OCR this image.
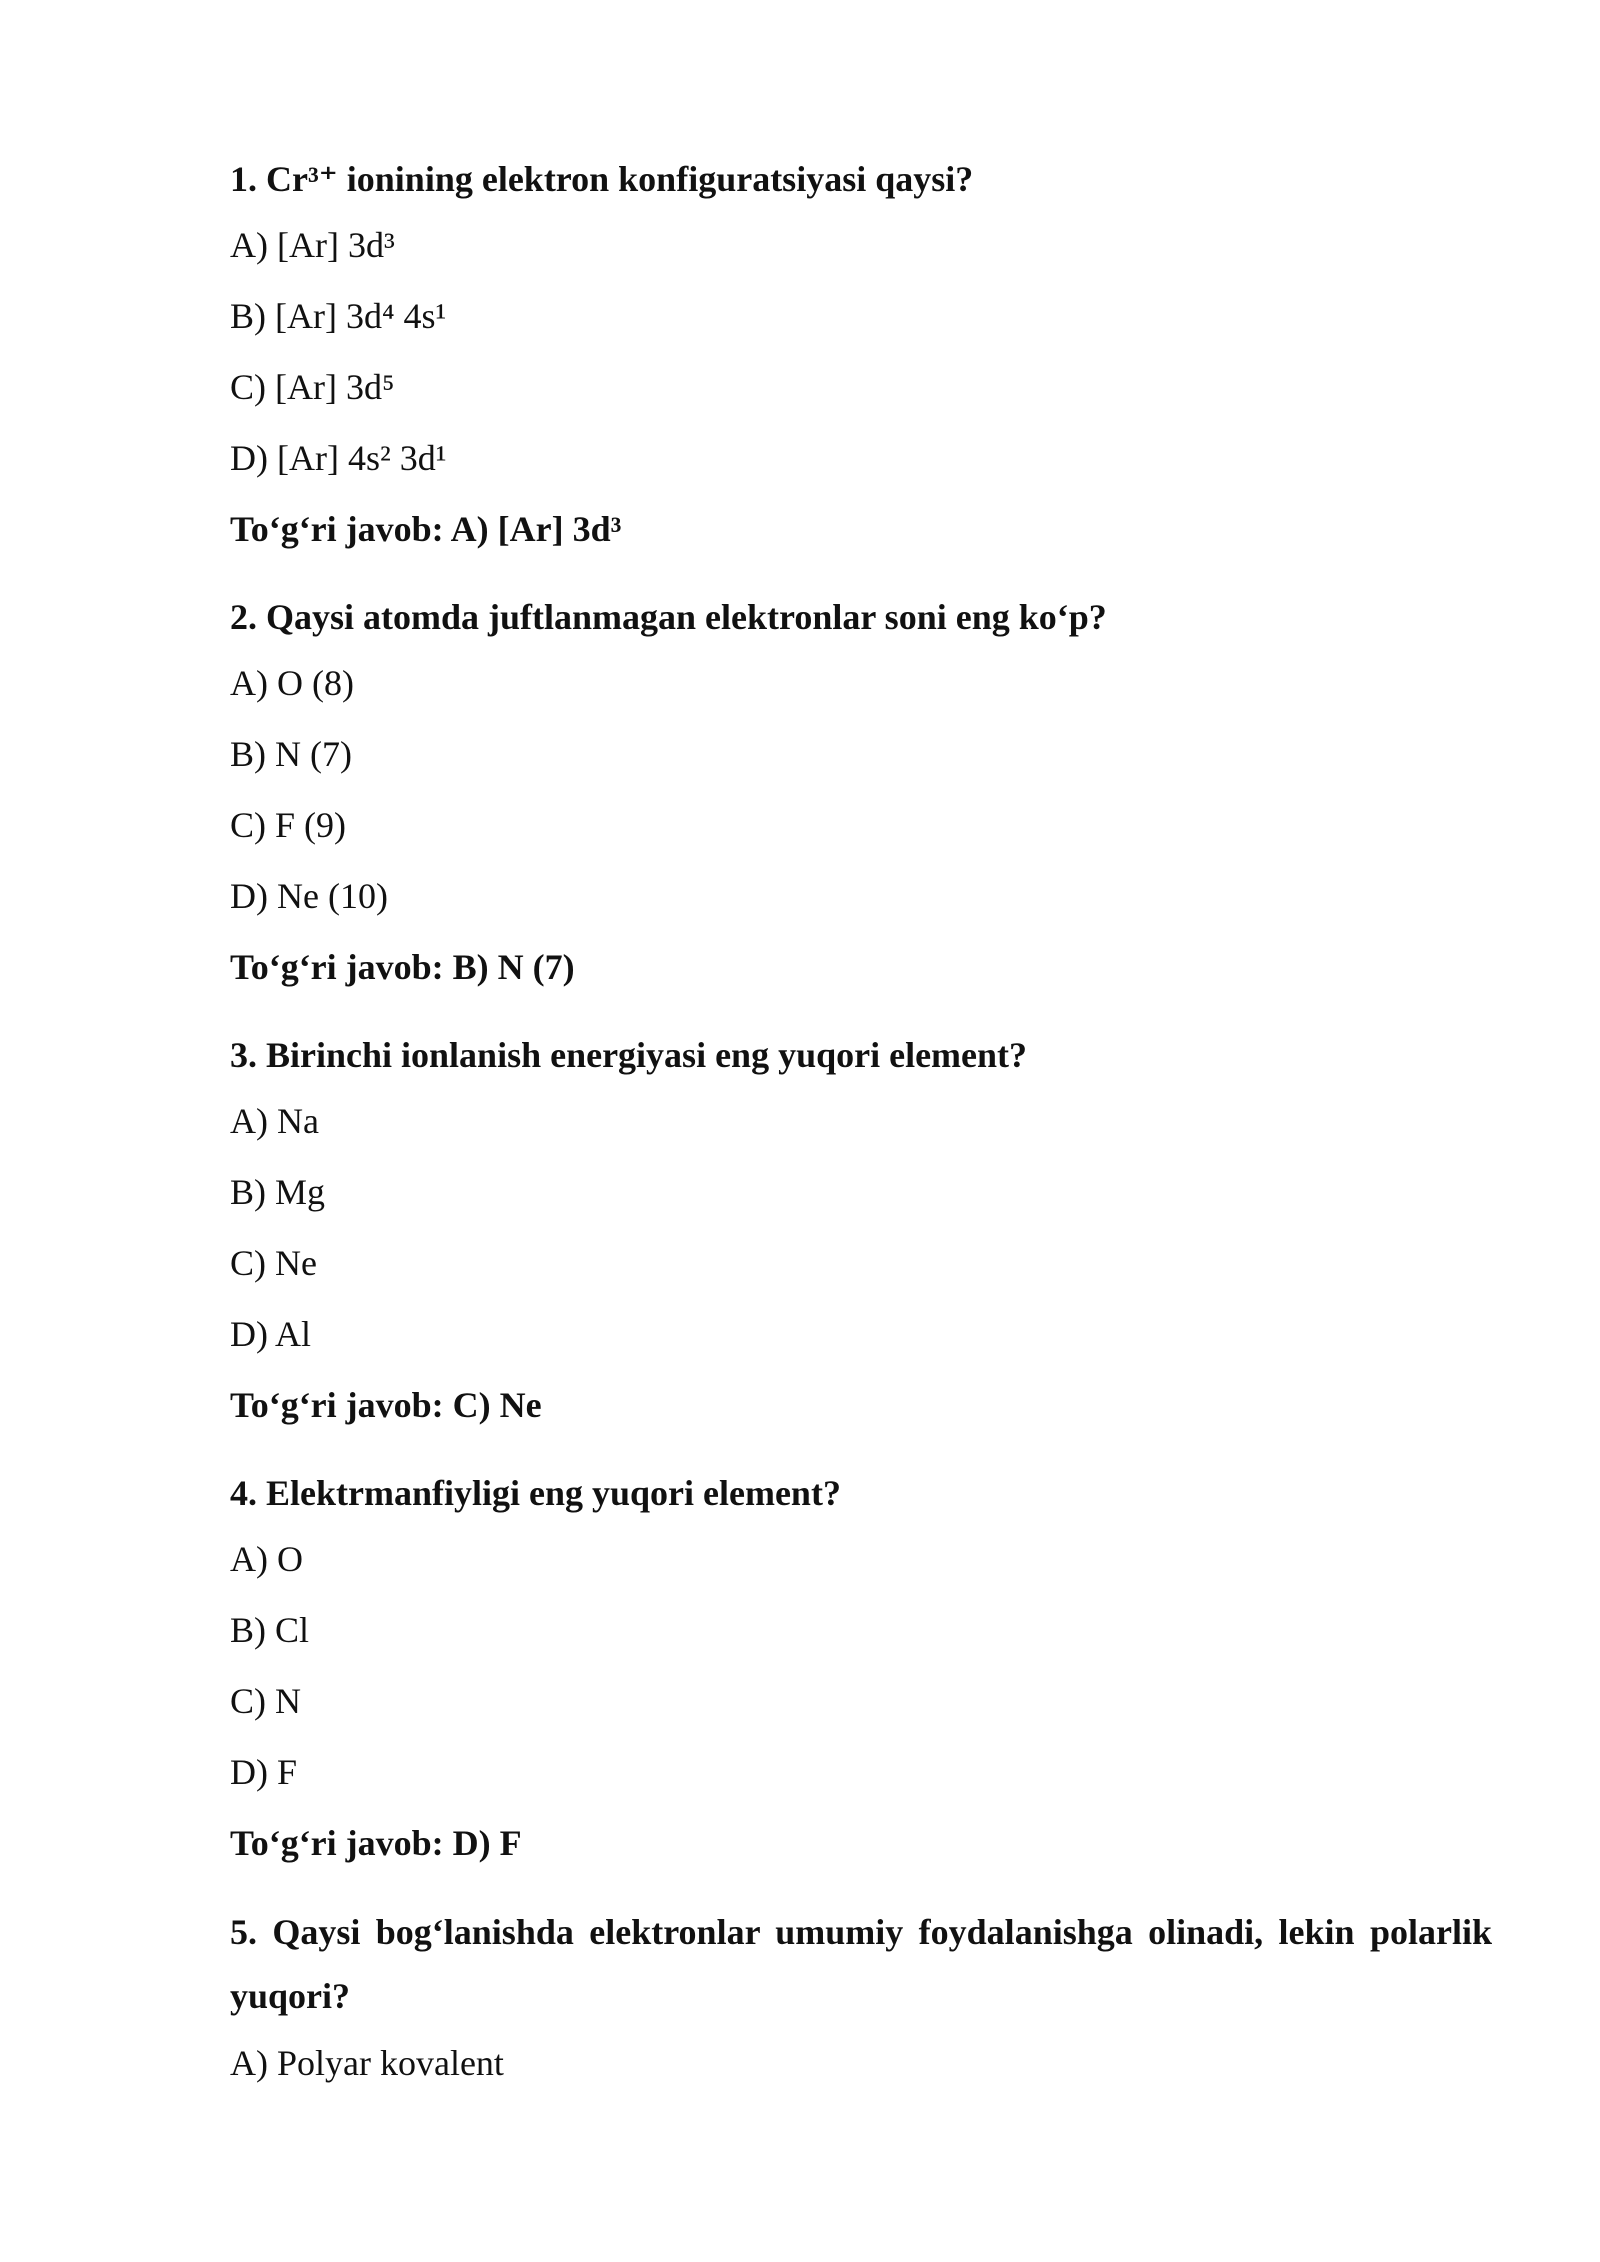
1. Cr³⁺ ionining elektron konfiguratsiyasi qaysi?

A) [Ar] 3d³

B) [Ar] 3d⁴ 4s¹

C) [Ar] 3d⁵

D) [Ar] 4s² 3d¹

To‘g‘ri javob: A) [Ar] 3d³

2. Qaysi atomda juftlanmagan elektronlar soni eng ko‘p?

A) O (8)

B) N (7)

C) F (9)

D) Ne (10)

To‘g‘ri javob: B) N (7)

3. Birinchi ionlanish energiyasi eng yuqori element?

A) Na

B) Mg

C) Ne

D) Al

To‘g‘ri javob: C) Ne

4. Elektrmanfiyligi eng yuqori element?

A) O

B) Cl

C) N

D) F

To‘g‘ri javob: D) F

5. Qaysi bog‘lanishda elektronlar umumiy foydalanishga olinadi, lekin polarlik yuqori?

A) Polyar kovalent
